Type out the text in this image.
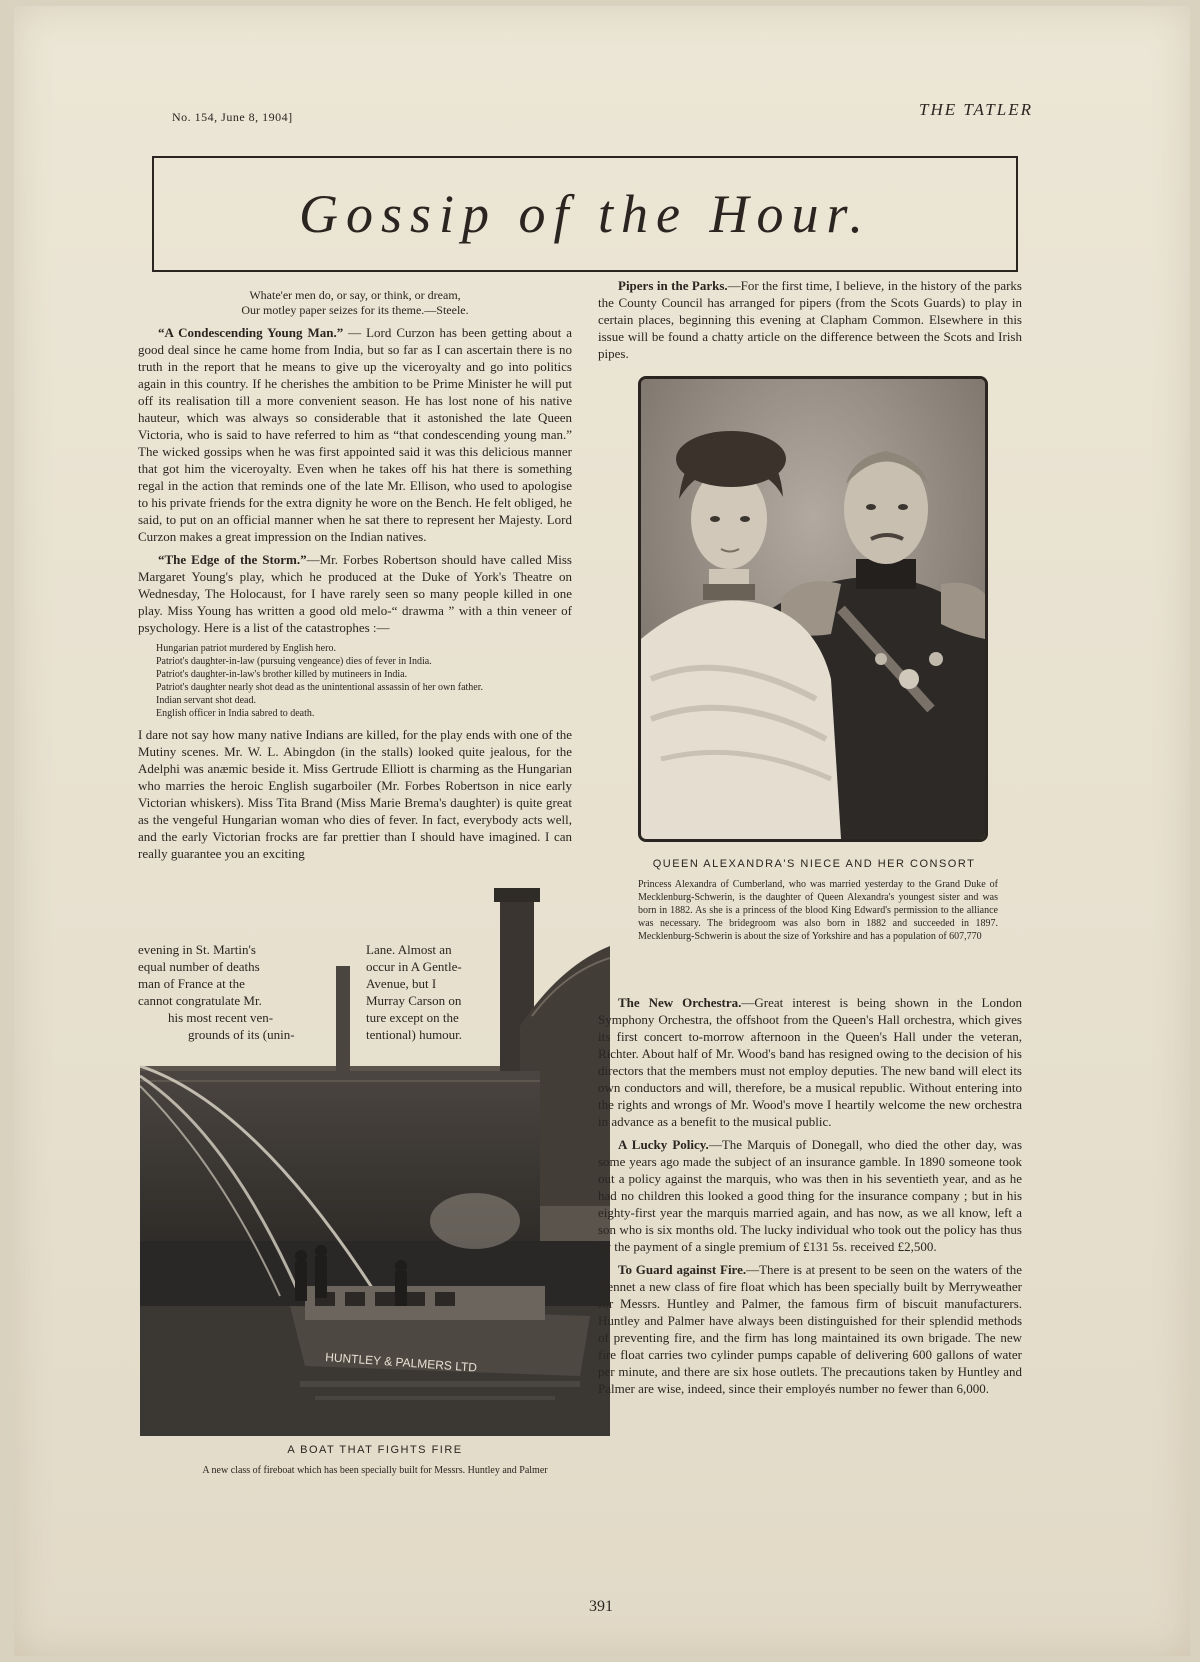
No. 154, June 8, 1904]	THE TATLER
Gossip of the Hour.
Whate'er men do, or say, or think, or dream,
Our motley paper seizes for its theme.—Steele.

“A Condescending Young Man.” — Lord Curzon has been getting about a good deal since he came home from India, but so far as I can ascertain there is no truth in the report that he means to give up the viceroyalty and go into politics again in this country. If he cherishes the ambition to be Prime Minister he will put off its realisation till a more convenient season. He has lost none of his native hauteur, which was always so considerable that it astonished the late Queen Victoria, who is said to have referred to him as “that condescending young man.” The wicked gossips when he was first appointed said it was this delicious manner that got him the viceroyalty. Even when he takes off his hat there is something regal in the action that reminds one of the late Mr. Ellison, who used to apologise to his private friends for the extra dignity he wore on the Bench. He felt obliged, he said, to put on an official manner when he sat there to represent her Majesty. Lord Curzon makes a great impression on the Indian natives.

“The Edge of the Storm.”—Mr. Forbes Robertson should have called Miss Margaret Young's play, which he produced at the Duke of York's Theatre on Wednesday, The Holocaust, for I have rarely seen so many people killed in one play. Miss Young has written a good old melo-“ drawma ” with a thin veneer of psychology. Here is a list of the catastrophes :—

Hungarian patriot murdered by English hero.
Patriot's daughter-in-law (pursuing vengeance) dies of fever in India.
Patriot's daughter-in-law's brother killed by mutineers in India.
Patriot's daughter nearly shot dead as the unintentional assassin of her own father.
Indian servant shot dead.
English officer in India sabred to death.

I dare not say how many native Indians are killed, for the play ends with one of the Mutiny scenes. Mr. W. L. Abingdon (in the stalls) looked quite jealous, for the Adelphi was anæmic beside it. Miss Gertrude Elliott is charming as the Hungarian who marries the heroic English sugarboiler (Mr. Forbes Robertson in nice early Victorian whiskers). Miss Tita Brand (Miss Marie Brema's daughter) is quite great as the vengeful Hungarian woman who dies of fever. In fact, everybody acts well, and the early Victorian frocks are far prettier than I should have imagined. I can really guarantee you an exciting

evening in St. Martin's
equal number of deaths
man of France at the
cannot congratulate Mr.
his most recent ven-
grounds of its (unin-
Lane. Almost an
occur in A Gentle-
Avenue, but I
Murray Carson on
ture except on the
tentional) humour.
HUNTLEY & PALMERS LTD
A BOAT THAT FIGHTS FIRE
A new class of fireboat which has been specially built for Messrs. Huntley and Palmer

Pipers in the Parks.—For the first time, I believe, in the history of the parks the County Council has arranged for pipers (from the Scots Guards) to play in certain places, beginning this evening at Clapham Common. Elsewhere in this issue will be found a chatty article on the difference between the Scots and Irish pipes.

QUEEN ALEXANDRA'S NIECE AND HER CONSORT
Princess Alexandra of Cumberland, who was married yesterday to the Grand Duke of Mecklenburg-Schwerin, is the daughter of Queen Alexandra's youngest sister and was born in 1882. As she is a princess of the blood King Edward's permission to the alliance was necessary. The bridegroom was also born in 1882 and succeeded in 1897. Mecklenburg-Schwerin is about the size of Yorkshire and has a population of 607,770

The New Orchestra.—Great interest is being shown in the London Symphony Orchestra, the offshoot from the Queen's Hall orchestra, which gives its first concert to-morrow afternoon in the Queen's Hall under the veteran, Richter. About half of Mr. Wood's band has resigned owing to the decision of his directors that the members must not employ deputies. The new band will elect its own conductors and will, therefore, be a musical republic. Without entering into the rights and wrongs of Mr. Wood's move I heartily welcome the new orchestra in advance as a benefit to the musical public.

A Lucky Policy.—The Marquis of Donegall, who died the other day, was some years ago made the subject of an insurance gamble. In 1890 someone took out a policy against the marquis, who was then in his seventieth year, and as he had no children this looked a good thing for the insurance company ; but in his eighty-first year the marquis married again, and has now, as we all know, left a son who is six months old. The lucky individual who took out the policy has thus by the payment of a single premium of £131 5s. received £2,500.

To Guard against Fire.—There is at present to be seen on the waters of the Kennet a new class of fire float which has been specially built by Merryweather for Messrs. Huntley and Palmer, the famous firm of biscuit manufacturers. Huntley and Palmer have always been distinguished for their splendid methods of preventing fire, and the firm has long maintained its own brigade. The new fire float carries two cylinder pumps capable of delivering 600 gallons of water per minute, and there are six hose outlets. The precautions taken by Huntley and Palmer are wise, indeed, since their employés number no fewer than 6,000.

391
